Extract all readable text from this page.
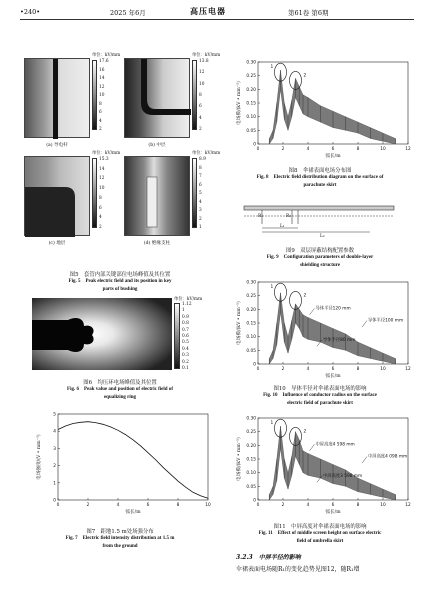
•240•	2025 年6月	高压电器	第61卷 第6期
单位：kV/mm
17.6
16
14
12
10
8
6
4
2
(a) 导电杆
单位：kV/mm
13.8
12
10
8
6
4
2
(b) 中层
单位：kV/mm
15.3
14
12
10
8
6
4
2
(c) 地层
单位：kV/mm
8.9
8
7
6
5
4
3
2
1
(d) 绝缘支柱
图5　套管内部关键部位电场峰值及其位置
Fig. 5　Peak electric field and its position in key
parts of bushing
单位：kV/mm
1.12
1
0.9
0.8
0.7
0.6
0.5
0.4
0.3
0.2
0.1
图6　均压环电场峰值及其位置
Fig. 6　Peak value and position of electric field of
equalizing ring
0	2	4	6	8	10
0
1
2
3
4
5
弧长/m
电场强度/(V • mm⁻¹)
图7　距地1.5 m处场强分布
Fig. 7　Electric field intensity distribution at 1.5 m
from the ground
0	2	4	6	8	10	12
0
0.05
0.10
0.15
0.20
0.25
0.30
弧长/m
电场模/(kV • mm⁻¹)
1
2
图8　伞裙表面电场分布图
Fig. 8　Electric field distribution diagram on the surface of
parachute skirt
R₁	R₂
L₁
L₂
图9　双层屏蔽结构配置参数
Fig. 9　Configuration parameters of double-layer
shielding structure
0	2	4	6	8	10	12
0
0.05
0.10
0.15
0.20
0.25
0.30
弧长/m
电场模/(kV • mm⁻¹)
1
2
导体半径120 mm
导体半径100 mm
导体半径80 mm
图10　导体半径对伞裙表面电场的影响
Fig. 10　Influence of conductor radius on the surface
electric field of parachute skirt
0	2	4	6	8	10	12
0
0.05
0.10
0.15
0.20
0.25
0.30
弧长/m
电场模/(kV • mm⁻¹)
1
2
中屏高度4 598 mm
中屏高度4 098 mm
中屏高度3 598 mm
图11　中屏高度对伞裙表面电场的影响
Fig. 11　Effect of middle screen height on surface electric
field of umbrella skirt
3.2.3　中屏半径的影响
伞裙表面电场随R₁的变化趋势见图12，随R₁增
